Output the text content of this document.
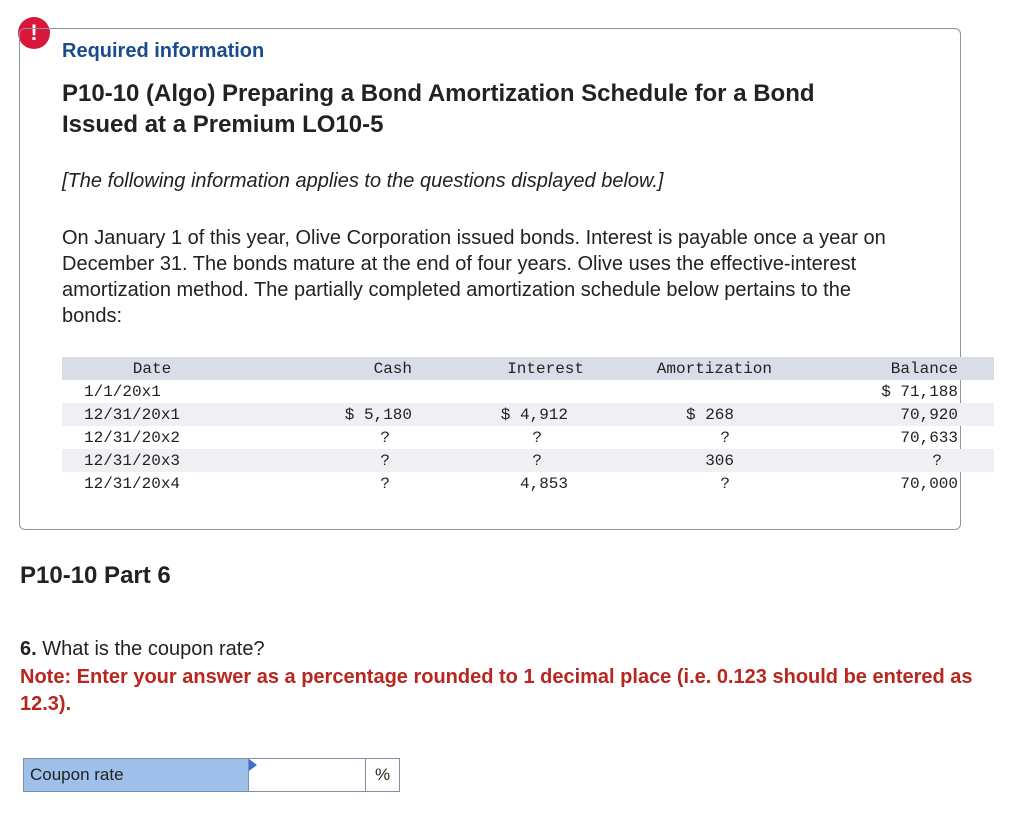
!
Required information
P10-10 (Algo) Preparing a Bond Amortization Schedule for a Bond Issued at a Premium LO10-5
[The following information applies to the questions displayed below.]
On January 1 of this year, Olive Corporation issued bonds. Interest is payable once a year on December 31. The bonds mature at the end of four years. Olive uses the effective-interest amortization method. The partially completed amortization schedule below pertains to the bonds:
Date	Cash	Interest	Amortization	Balance
1/1/20x1				$ 71,188
12/31/20x1	$ 5,180	$ 4,912	$ 268	70,920
12/31/20x2	?	?	?	70,633
12/31/20x3	?	?	306	?
12/31/20x4	?	4,853	?	70,000
P10-10 Part 6
6. What is the coupon rate?
Note: Enter your answer as a percentage rounded to 1 decimal place (i.e. 0.123 should be entered as 12.3).
Coupon rate	%
